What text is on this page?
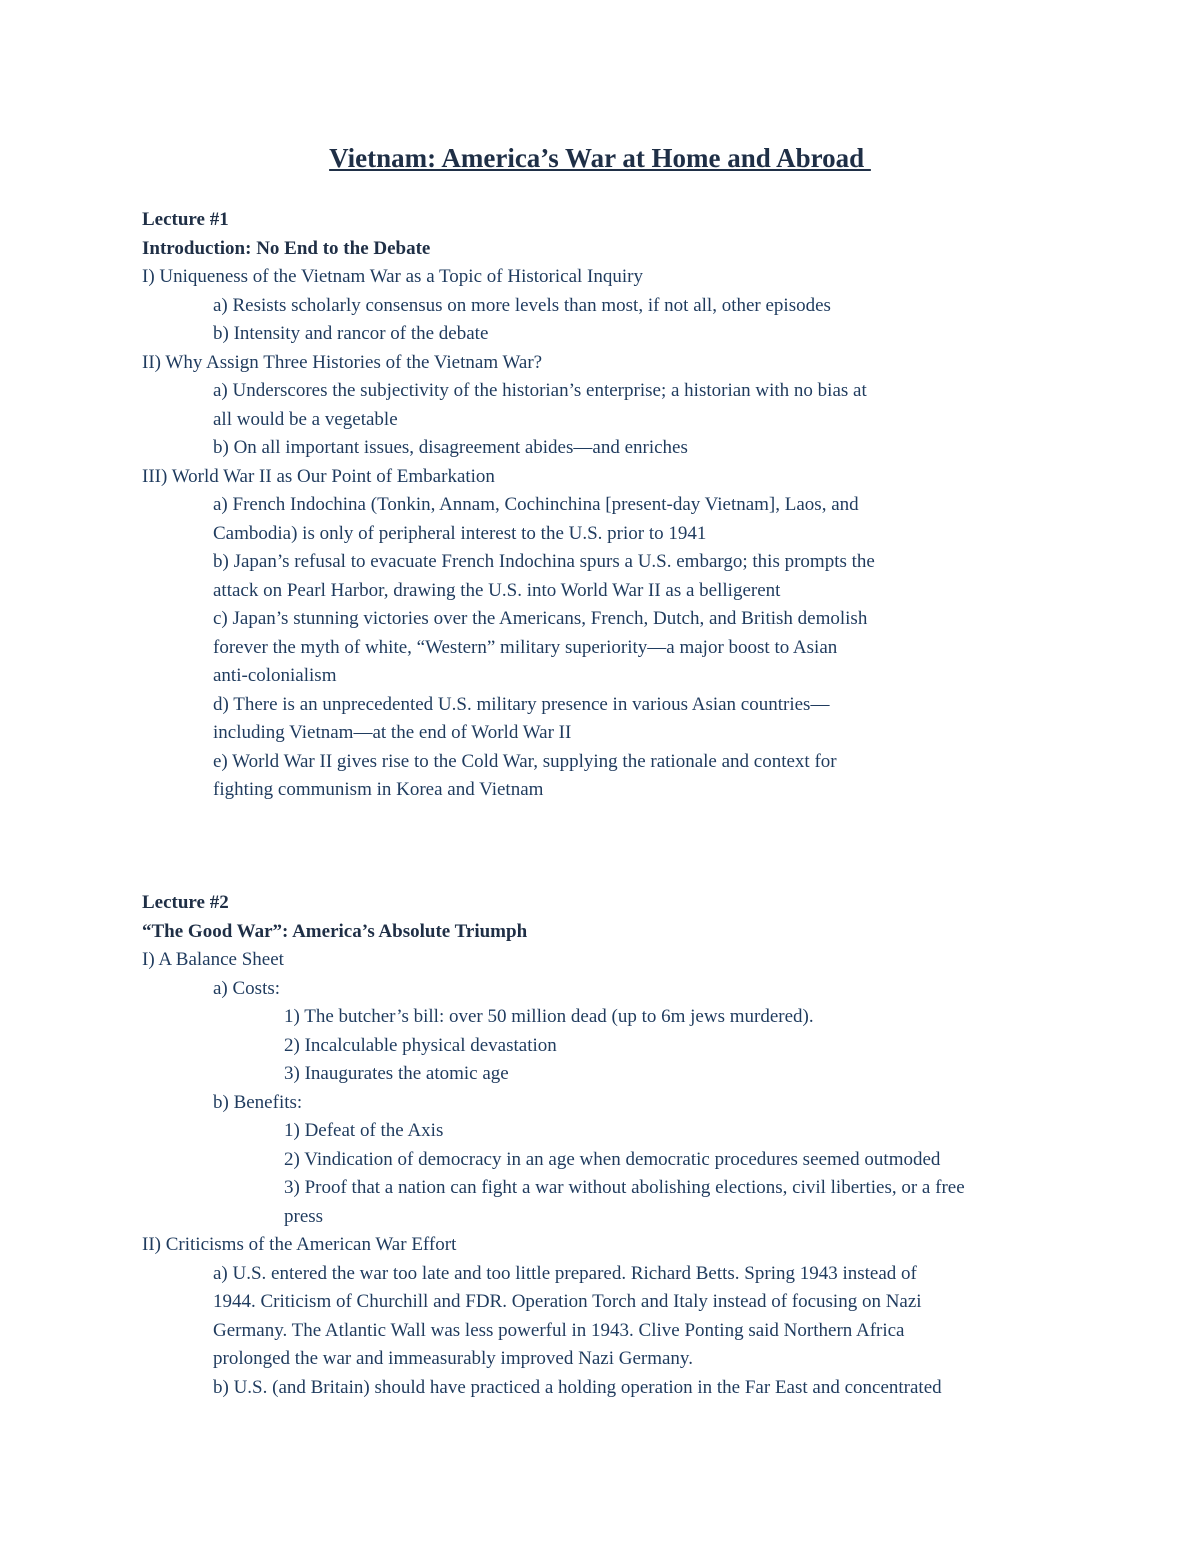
Vietnam: America’s War at Home and Abroad
Lecture #1
Introduction: No End to the Debate
I) Uniqueness of the Vietnam War as a Topic of Historical Inquiry
a) Resists scholarly consensus on more levels than most, if not all, other episodes
b) Intensity and rancor of the debate
II) Why Assign Three Histories of the Vietnam War?
a) Underscores the subjectivity of the historian’s enterprise; a historian with no bias at
all would be a vegetable
b) On all important issues, disagreement abides—and enriches
III) World War II as Our Point of Embarkation
a) French Indochina (Tonkin, Annam, Cochinchina [present-day Vietnam], Laos, and
Cambodia) is only of peripheral interest to the U.S. prior to 1941
b) Japan’s refusal to evacuate French Indochina spurs a U.S. embargo; this prompts the
attack on Pearl Harbor, drawing the U.S. into World War II as a belligerent
c) Japan’s stunning victories over the Americans, French, Dutch, and British demolish
forever the myth of white, “Western” military superiority—a major boost to Asian
anti-colonialism
d) There is an unprecedented U.S. military presence in various Asian countries—
including Vietnam—at the end of World War II
e) World War II gives rise to the Cold War, supplying the rationale and context for
fighting communism in Korea and Vietnam
Lecture #2
“The Good War”: America’s Absolute Triumph
I) A Balance Sheet
a) Costs:
1) The butcher’s bill: over 50 million dead (up to 6m jews murdered).
2) Incalculable physical devastation
3) Inaugurates the atomic age
b) Benefits:
1) Defeat of the Axis
2) Vindication of democracy in an age when democratic procedures seemed outmoded
3) Proof that a nation can fight a war without abolishing elections, civil liberties, or a free
press
II) Criticisms of the American War Effort
a) U.S. entered the war too late and too little prepared. Richard Betts. Spring 1943 instead of
1944. Criticism of Churchill and FDR. Operation Torch and Italy instead of focusing on Nazi
Germany. The Atlantic Wall was less powerful in 1943. Clive Ponting said Northern Africa
prolonged the war and immeasurably improved Nazi Germany.
b) U.S. (and Britain) should have practiced a holding operation in the Far East and concentrated
